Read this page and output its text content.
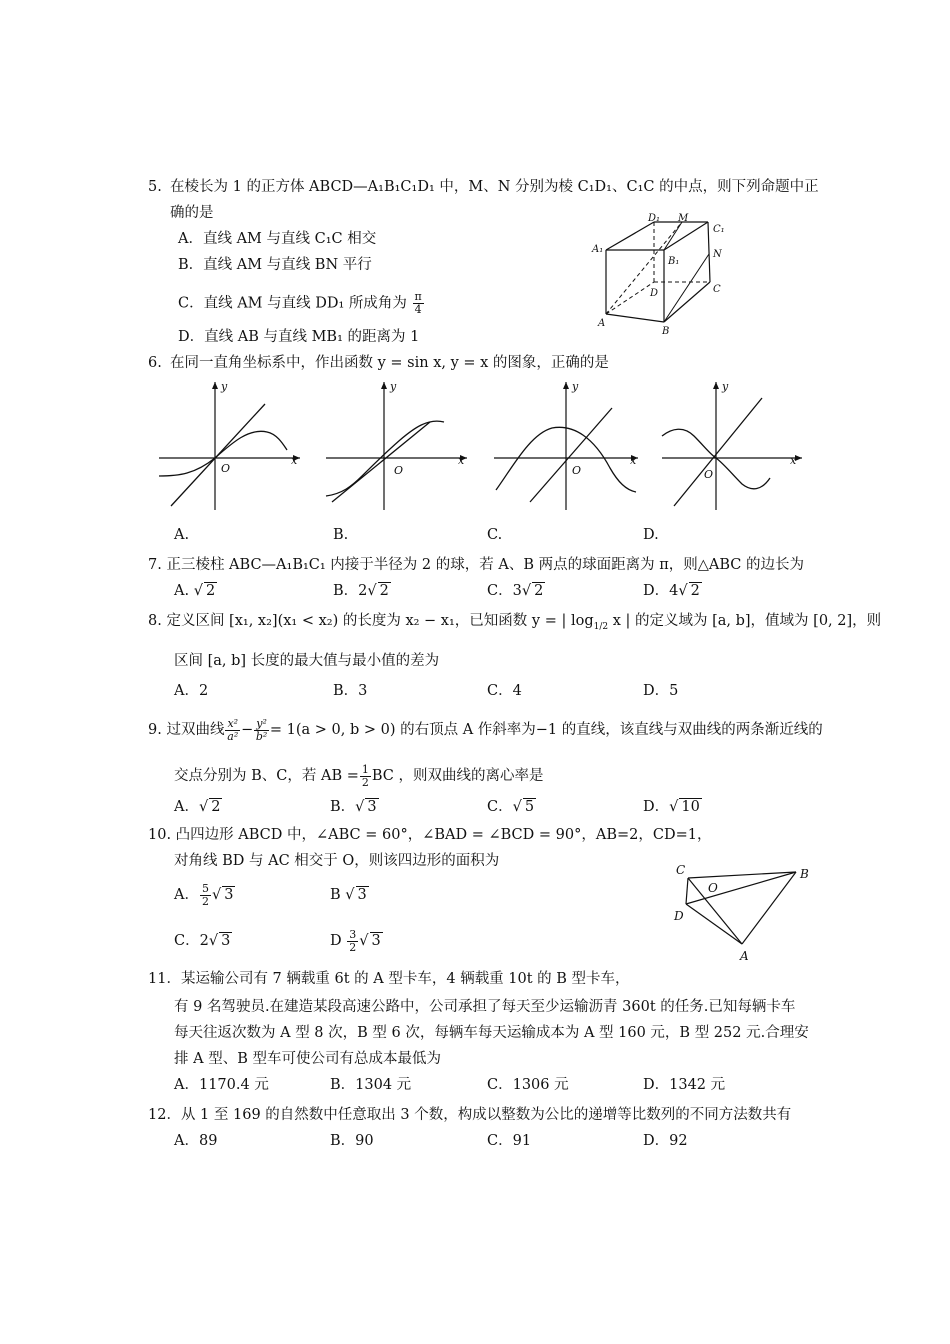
5. 在棱长为 1 的正方体 ABCD—A₁B₁C₁D₁ 中，M、N 分别为棱 C₁D₁、C₁C 的中点，则下列命题中正
确的是
A．直线 AM 与直线 C₁C 相交
B．直线 AM 与直线 BN 平行
C．直线 AM 与直线 DD₁ 所成角为 $\frac{\pi}{4}$
D．直线 AB 与直线 MB₁ 的距离为 1
D₁ M
C₁
A₁
B₁
N
D	C
A
B
6. 在同一直角坐标系中，作出函数 y = sin x, y = x 的图象，正确的是
x
y
O
x
y
O
x
y
O
x
y
O
A.	B.	C.	D.
7. 正三棱柱 ABC—A₁B₁C₁ 内接于半径为 2 的球，若 A、B 两点的球面距离为 π，则△ABC 的边长为
A. √ 2	B．2√ 2	C．3√ 2	D．4√ 2
8. 定义区间 [x₁, x₂](x₁ < x₂) 的长度为 x₂ − x₁，已知函数 y = | $\log_{1/2} x$ | 的定义域为 [a, b]，值域为 [0, 2]，则
区间 [a, b] 长度的最大值与最小值的差为
A．2	B．3	C．4	D．5
9. 过双曲线 $\frac{\text{x²}}{\text{a²}} - \frac{\text{y²}}{\text{b²}} = 1(a > 0$, b > 0) 的右顶点 A 作斜率为−1 的直线，该直线与双曲线的两条渐近线的
交点分别为 B、C，若 AB = $\frac{1}{2}$ BC ，则双曲线的离心率是
A．√ 2	B．√ 3	C．√ 5	D．√ 10
10. 凸四边形 ABCD 中，∠ABC = 60°，∠BAD = ∠BCD = 90°，AB=2，CD=1，
对角线 BD 与 AC 相交于 O，则该四边形的面积为
A． $\frac{5}{2}$ √ 3	B √ 3
C．2√ 3	D $\frac{3}{2}$ √ 3
C	B
O
D
A
11．某运输公司有 7 辆载重 6t 的 A 型卡车，4 辆载重 10t 的 B 型卡车，
有 9 名驾驶员.在建造某段高速公路中，公司承担了每天至少运输沥青 360t 的任务.已知每辆卡车
每天往返次数为 A 型 8 次，B 型 6 次，每辆车每天运输成本为 A 型 160 元，B 型 252 元.合理安
排 A 型、B 型车可使公司有总成本最低为
A．1170.4 元	B．1304 元	C．1306 元	D．1342 元
12．从 1 至 169 的自然数中任意取出 3 个数，构成以整数为公比的递增等比数列的不同方法数共有
A．89	B．90	C．91	D．92
